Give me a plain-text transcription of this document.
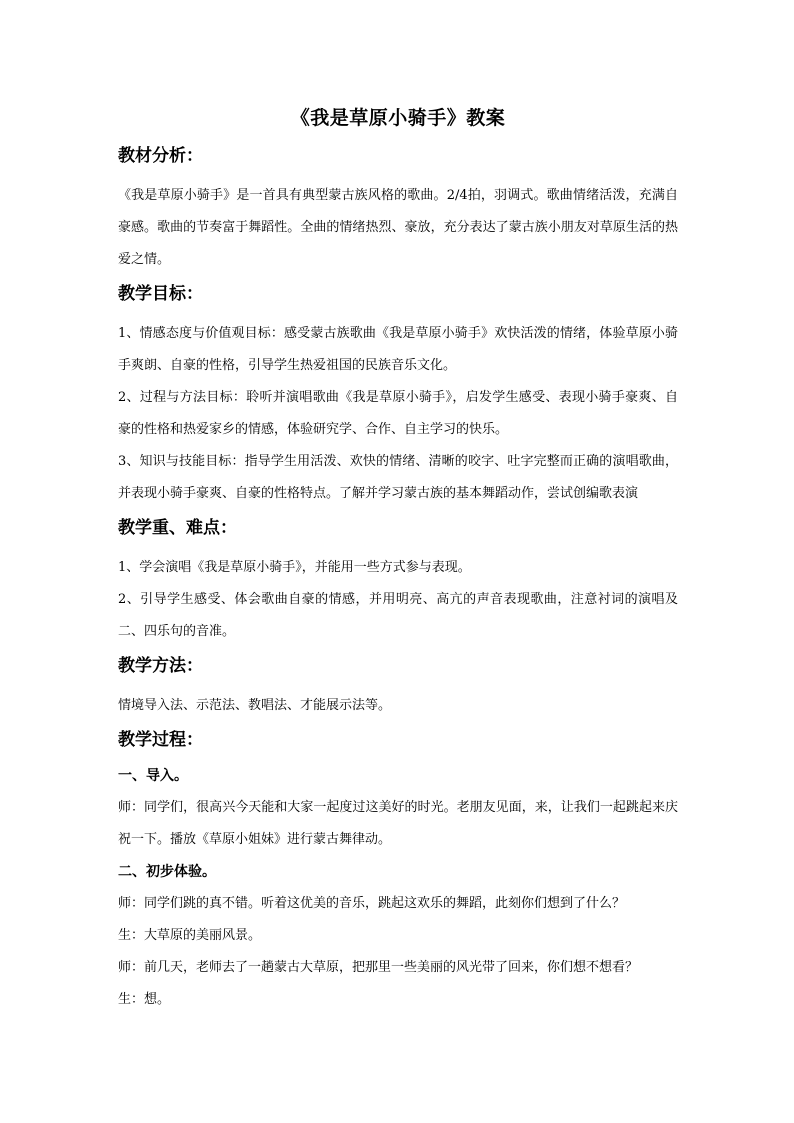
《我是草原小骑手》教案
教材分析：
《我是草原小骑手》是一首具有典型蒙古族风格的歌曲。2/4拍，羽调式。歌曲情绪活泼，充满自豪感。歌曲的节奏富于舞蹈性。全曲的情绪热烈、豪放，充分表达了蒙古族小朋友对草原生活的热爱之情。
教学目标：
1、情感态度与价值观目标：感受蒙古族歌曲《我是草原小骑手》欢快活泼的情绪，体验草原小骑手爽朗、自豪的性格，引导学生热爱祖国的民族音乐文化。
2、过程与方法目标：聆听并演唱歌曲《我是草原小骑手》，启发学生感受、表现小骑手豪爽、自豪的性格和热爱家乡的情感，体验研究学、合作、自主学习的快乐。
3、知识与技能目标：指导学生用活泼、欢快的情绪、清晰的咬字、吐字完整而正确的演唱歌曲，并表现小骑手豪爽、自豪的性格特点。了解并学习蒙古族的基本舞蹈动作，尝试创编歌表演
教学重、难点：
1、学会演唱《我是草原小骑手》，并能用一些方式参与表现。
2、引导学生感受、体会歌曲自豪的情感，并用明亮、高亢的声音表现歌曲，注意衬词的演唱及二、四乐句的音准。
教学方法：
情境导入法、示范法、教唱法、才能展示法等。
教学过程：
一、导入。
师：同学们，很高兴今天能和大家一起度过这美好的时光。老朋友见面，来，让我们一起跳起来庆祝一下。播放《草原小姐妹》进行蒙古舞律动。
二、初步体验。
师：同学们跳的真不错。听着这优美的音乐，跳起这欢乐的舞蹈，此刻你们想到了什么？
生：大草原的美丽风景。
师：前几天，老师去了一趟蒙古大草原，把那里一些美丽的风光带了回来，你们想不想看？
生：想。
